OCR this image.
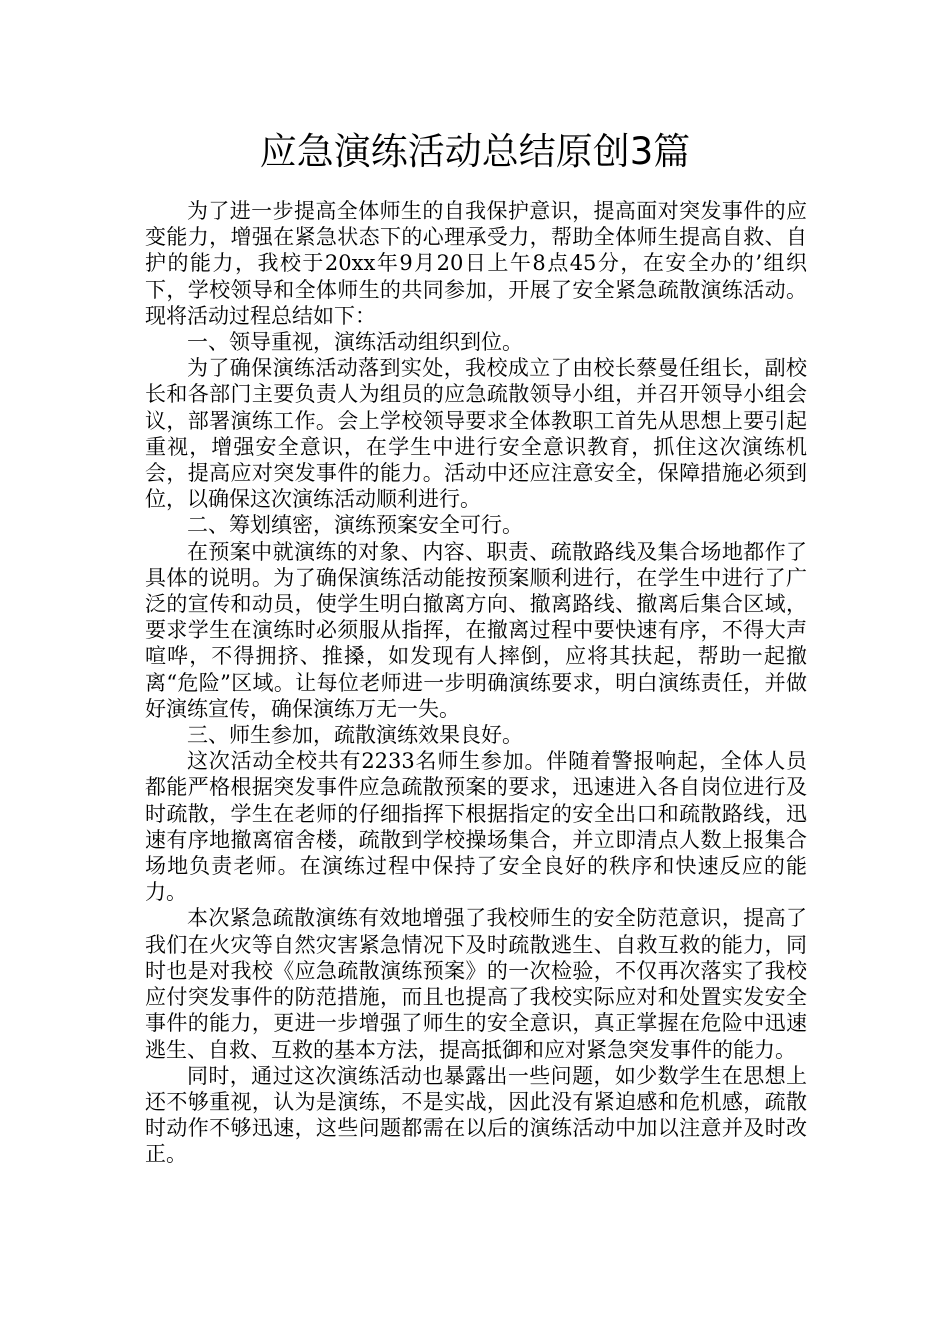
应急演练活动总结原创3篇

为了进一步提高全体师生的自我保护意识，提高面对突发事件的应变能力，增强在紧急状态下的心理承受力，帮助全体师生提高自救、自护的能力，我校于20xx年9月20日上午8点45分，在安全办的’组织下，学校领导和全体师生的共同参加，开展了安全紧急疏散演练活动。现将活动过程总结如下：

一、领导重视，演练活动组织到位。

为了确保演练活动落到实处，我校成立了由校长蔡曼任组长，副校长和各部门主要负责人为组员的应急疏散领导小组，并召开领导小组会议，部署演练工作。会上学校领导要求全体教职工首先从思想上要引起重视，增强安全意识，在学生中进行安全意识教育，抓住这次演练机会，提高应对突发事件的能力。活动中还应注意安全，保障措施必须到位，以确保这次演练活动顺利进行。

二、筹划缜密，演练预案安全可行。

在预案中就演练的对象、内容、职责、疏散路线及集合场地都作了具体的说明。为了确保演练活动能按预案顺利进行，在学生中进行了广泛的宣传和动员，使学生明白撤离方向、撤离路线、撤离后集合区域，要求学生在演练时必须服从指挥，在撤离过程中要快速有序，不得大声喧哗，不得拥挤、推搡，如发现有人摔倒，应将其扶起，帮助一起撤离“危险”区域。让每位老师进一步明确演练要求，明白演练责任，并做好演练宣传，确保演练万无一失。

三、师生参加，疏散演练效果良好。

这次活动全校共有2233名师生参加。伴随着警报响起，全体人员都能严格根据突发事件应急疏散预案的要求，迅速进入各自岗位进行及时疏散，学生在老师的仔细指挥下根据指定的安全出口和疏散路线，迅速有序地撤离宿舍楼，疏散到学校操场集合，并立即清点人数上报集合场地负责老师。在演练过程中保持了安全良好的秩序和快速反应的能力。

本次紧急疏散演练有效地增强了我校师生的安全防范意识，提高了我们在火灾等自然灾害紧急情况下及时疏散逃生、自救互救的能力，同时也是对我校《应急疏散演练预案》的一次检验，不仅再次落实了我校应付突发事件的防范措施，而且也提高了我校实际应对和处置实发安全事件的能力，更进一步增强了师生的安全意识，真正掌握在危险中迅速逃生、自救、互救的基本方法，提高抵御和应对紧急突发事件的能力。

同时，通过这次演练活动也暴露出一些问题，如少数学生在思想上还不够重视，认为是演练，不是实战，因此没有紧迫感和危机感，疏散时动作不够迅速，这些问题都需在以后的演练活动中加以注意并及时改正。
